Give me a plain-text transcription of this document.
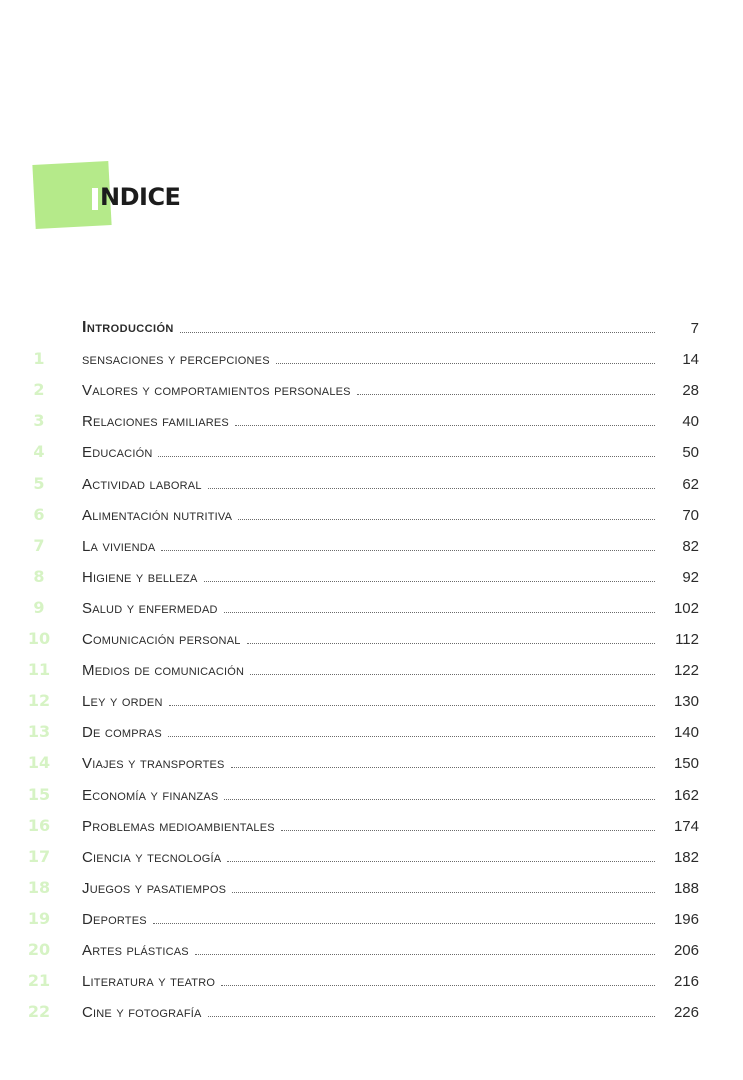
NDICE
Introducción	7
1	sensaciones y percepciones	14
2	Valores y comportamientos personales	28
3	Relaciones familiares	40
4	Educación	50
5	Actividad laboral	62
6	Alimentación nutritiva	70
7	La vivienda	82
8	Higiene y belleza	92
9	Salud y enfermedad	102
10	Comunicación personal	112
11	Medios de comunicación	122
12	Ley y orden	130
13	De compras	140
14	Viajes y transportes	150
15	Economía y finanzas	162
16	Problemas medioambientales	174
17	Ciencia y tecnología	182
18	Juegos y pasatiempos	188
19	Deportes	196
20	Artes plásticas	206
21	Literatura y teatro	216
22	Cine y fotografía	226
